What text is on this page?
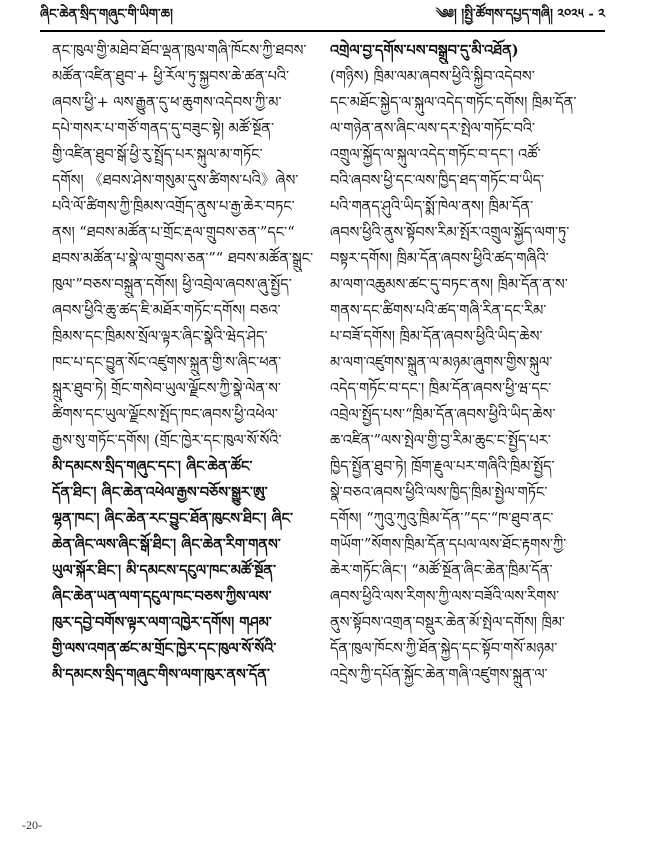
ཞིང་ཆེན་སྲིད་གཞུང་གི་ཡིག་ཆ།	༄༅། །སྤྱི་ཚོགས་དཔྱད་གཞི། ༢༠༢༥ - ༢
ནང་ཁུལ་གྱི་མཐེབ་ཐོབ་ལྡན་ཁུལ་གཞི་ཁོངས་ཀྱི་ཐབས་
མཚོན་འཛིན་ཐུབ་+ ཕྱི་རོལ་ཏུ་སྐྱབས་ཆེ་ཚན་པའི་
ཞབས་ཕྱི་+ ལས་རྒྱུན་དུ་ཕ་ཆུགས་འདེབས་ཀྱི་མ་
དཔེ་གསར་པ་གཙོ་གནད་དུ་བཟུང་སྟེ། མཚོ་སྔོན་
གྱི་འཛིན་ཐུབ་སྒོ་ཕྱི་རུ་སྤྲོད་པར་སྐུལ་མ་གཏོང་
དགོས། 《ཐབས་ཤེས་གསུམ་དུས་ཚིགས་པའི》ཞེས་
པའི་ལོ་ཚིགས་ཀྱི་ཁྲིམས་འགྲོད་ནུས་པ་རྒྱ་ཆེར་བཏང་
ནས། “ཐབས་མཚོན་པ་གྲོང་རྡལ་གྲུབས་ཅན་”དང་“
ཐབས་མཚོན་པ་སྣེ་ལ་གྲུབས་ཅན་”“ ཐབས་མཚོན་སྒྲུང་
ཁུལ་”བཅས་བསྐྲུན་དགོས། ཕྱི་འབྲེལ་ཞབས་ཞུ་སྤྱོད་
ཞབས་ཕྱིའི་ཆུ་ཚད་ཇི་མཐོར་གཏོང་དགོས། བཅའ་
ཁྲིམས་དང་ཁྲིམས་སྲོལ་ལྟར་ཞིང་སྣེའི་ཝེད་ཤེད་
ཁང་པ་དང་བྱུན་སོང་འཛུགས་སྐྲུན་གྱི་ས་ཞིང་ཕན་
སྐྲུར་ཐུབ་ཏེ། གྲོང་གསེབ་ཡུལ་ལྗོངས་ཀྱི་སྣེ་ལེན་ས་
ཚིགས་དང་ཡུལ་ལྗོངས་སྤོད་ཁང་ཞབས་ཕྱི་འཕེལ་
རྒྱས་སུ་གཏོང་དགོས། (གྲོང་ཁྱེར་དང་ཁུལ་སོ་སོའི་
མི་དམངས་སྲིད་གཞུང་དང་། ཞིང་ཆེན་ཚོང་
དོན་ཐིང་། ཞིང་ཆེན་འཕེལ་རྒྱས་བཅོས་སྒྱུར་ཨུ་
ལྷན་ཁང་། ཞིང་ཆེན་རང་བྱུང་ཐོན་ཁུངས་ཐིང་། ཞིང་
ཆེན་ཞིང་ལས་ཞིང་སྒོ་ཐིང་། ཞིང་ཆེན་རིག་གནས་
ཡུལ་སྐོར་ཐིང་། མི་དམངས་དངུལ་ཁང་མཚོ་སྔོན་
ཞིང་ཆེན་ཡན་ལག་དངུལ་ཁང་བཅས་ཀྱིས་ལས་
ཁུར་དབྱེ་བགོས་ལྟར་ལག་འཁྱེར་དགོས། གཤམ་
གྱི་ལས་འགན་ཚང་མ་གྲོང་ཁྱེར་དང་ཁུལ་སོ་སོའི་
མི་དམངས་སྲིད་གཞུང་གིས་ལག་ཁུར་ནས་དོན་
འགྲེལ་བྱ་དགོས་པས་བསྒྲུབ་དུ་མི་འཐོན)
(གཉིས) ཁྲིམ་ལམ་ཞབས་ཕྱིའི་སྐྱིབ་འདེབས་
དང་མཐོང་སྐྱེད་ལ་སྐུལ་འདེད་གཏོང་དགོས། ཁྲིམ་དོན་
ལ་གཉེན་ནས་ཞིང་ལས་དར་སྤེལ་གཏོང་བའི་
འགྲུལ་སྐྱོད་ལ་སྐུལ་འདེད་གཏོང་བ་དང་། འཚོ་
བའི་ཞབས་ཕྱི་དང་ལས་ཁྱིད་ཐད་གཏོང་བ་ཡིད་
པའི་གནད་ཤུའི་ཡིད་སྨོ་ཁེལ་ནས། ཁྲིམ་དོན་
ཞབས་ཕྱིའི་ནུས་སྟོབས་རིམ་སྤོར་འགྲུལ་སྐྱོད་ལག་ཏུ་
བསྟར་དགོས། ཁྲིམ་དོན་ཞབས་ཕྱིའི་ཚད་གཞིའི་
མ་ལག་འཆུམས་ཚང་དུ་བཏང་ནས། ཁྲིམ་དོན་ན་ས་
གནས་དང་ཚིགས་པའི་ཚད་གཞི་རིན་དང་རིམ་
པ་བཟོ་དགོས། ཁྲིམ་དོན་ཞབས་ཕྱིའི་ཡིད་ཆེས་
མ་ལག་འཛུགས་སྐྲུན་ལ་མཉམ་ཞུགས་གྱིས་སྐུལ་
འདེད་གཏོང་བ་དང་། ཁྲིམ་དོན་ཞབས་ཕྱི་ཝ་དང་
འབྲེལ་སྤྱོད་པས་“ཁྲིམ་དོན་ཞབས་ཕྱིའི་ཡིད་ཆེས་
ཆ་འཛིན་”ལས་སྤེལ་གྱི་བྱ་རིམ་ཆུང་ང་སྤྱོད་པར་
ཁྱིད་སྤྱོན་ཐུབ་ཏེ། ཁྲོག་རྗུལ་པར་གཞིའི་ཁྲིམ་སྤྱོད་
སྣེ་བཅའ་ཞབས་ཕྱིའི་ལས་ཁྱིད་ཁྲིམ་སྤྱེལ་གཏོང་
དགོས། “ཀུའུ་ཀུའུ་ཁྲིམ་དོན་”དང་“ཁ་ཐུབ་ནང་
གཡོག་”སོགས་ཁྲིམ་དོན་དཔལ་ལས་ཐོང་རྟགས་ཀྱི་
ཆེར་གཏོང་ཞིང་། “མཚོ་སྔོན་ཞིང་ཆེན་ཁྲིམ་དོན་
ཞབས་ཕྱིའི་ལས་རིགས་ཀྱི་ལས་བཟོའི་ལས་རིགས་
ནུས་སྟོབས་འགྲན་བསྡུར་ཆེན་མོ་སྤེལ་དགོས། ཁྲིམ་
དོན་ཁུལ་ཁོངས་ཀྱི་ཐོན་སྐྱེད་དང་སྟོབ་གསོ་མཉམ་
འདྲེས་ཀྱི་དཔོན་སྐྱོང་ཆེན་གཞི་འཛུགས་སྐྲུན་ལ་
-20-
